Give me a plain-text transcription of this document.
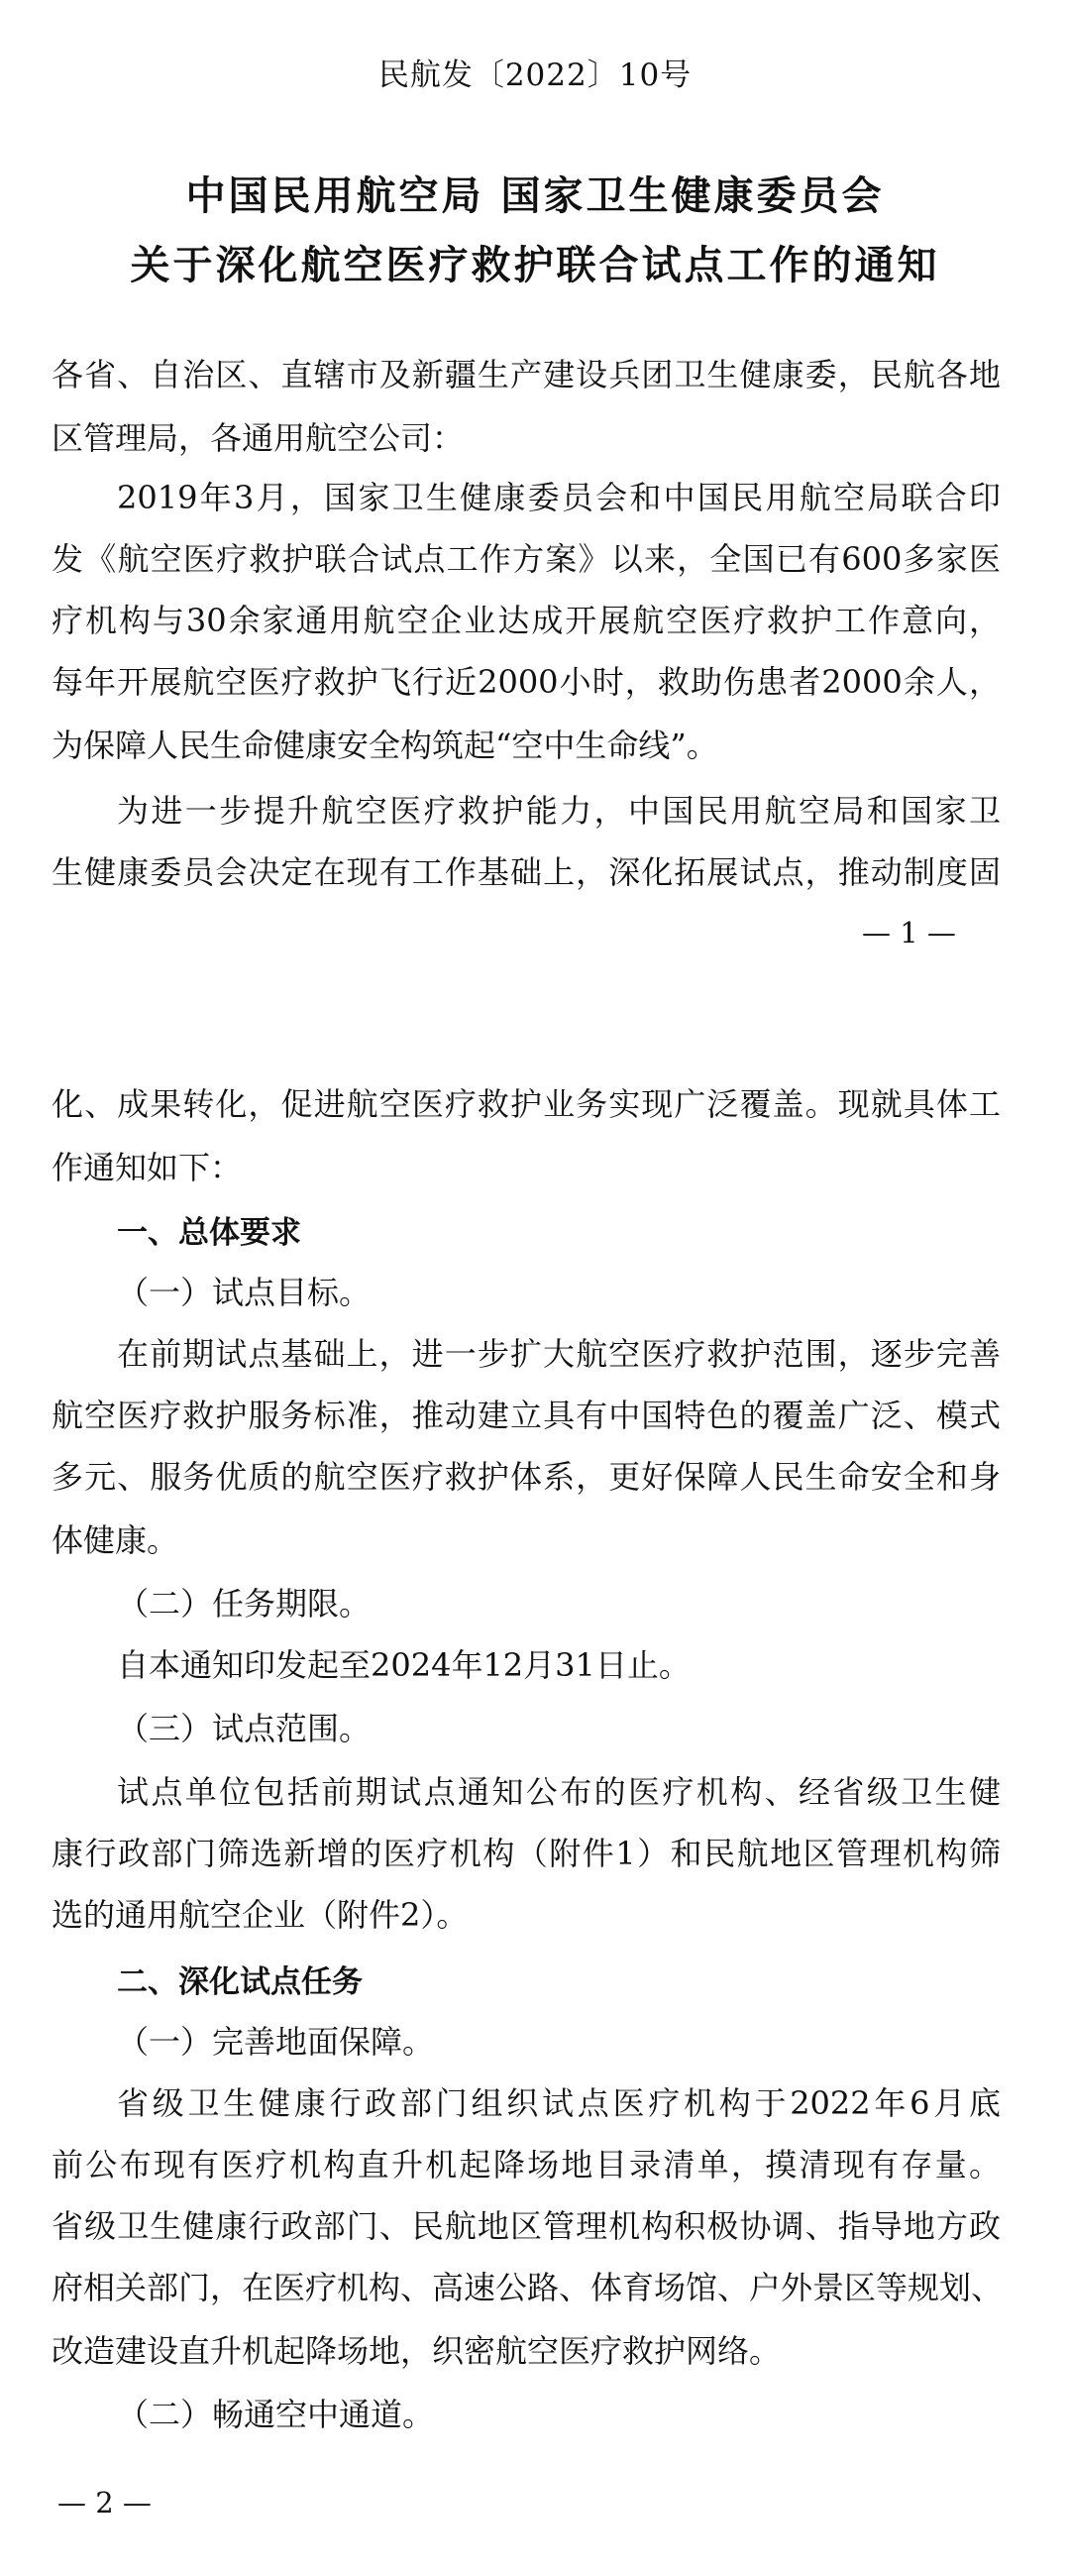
民航发〔2022〕10号

中国民用航空局 国家卫生健康委员会

关于深化航空医疗救护联合试点工作的通知

各省、自治区、直辖市及新疆生产建设兵团卫生健康委，民航各地

区管理局，各通用航空公司：

2019年3月，国家卫生健康委员会和中国民用航空局联合印

发《航空医疗救护联合试点工作方案》以来，全国已有600多家医

疗机构与30余家通用航空企业达成开展航空医疗救护工作意向，

每年开展航空医疗救护飞行近2000小时，救助伤患者2000余人，

为保障人民生命健康安全构筑起“空中生命线”。

为进一步提升航空医疗救护能力，中国民用航空局和国家卫

生健康委员会决定在现有工作基础上，深化拓展试点，推动制度固

— 1 —

化、成果转化，促进航空医疗救护业务实现广泛覆盖。现就具体工

作通知如下：

一、总体要求

（一）试点目标。

在前期试点基础上，进一步扩大航空医疗救护范围，逐步完善

航空医疗救护服务标准，推动建立具有中国特色的覆盖广泛、模式

多元、服务优质的航空医疗救护体系，更好保障人民生命安全和身

体健康。

（二）任务期限。

自本通知印发起至2024年12月31日止。

（三）试点范围。

试点单位包括前期试点通知公布的医疗机构、经省级卫生健

康行政部门筛选新增的医疗机构（附件1）和民航地区管理机构筛

选的通用航空企业（附件2）。

二、深化试点任务

（一）完善地面保障。

省级卫生健康行政部门组织试点医疗机构于2022年6月底

前公布现有医疗机构直升机起降场地目录清单，摸清现有存量。

省级卫生健康行政部门、民航地区管理机构积极协调、指导地方政

府相关部门，在医疗机构、高速公路、体育场馆、户外景区等规划、

改造建设直升机起降场地，织密航空医疗救护网络。

（二）畅通空中通道。

— 2 —
